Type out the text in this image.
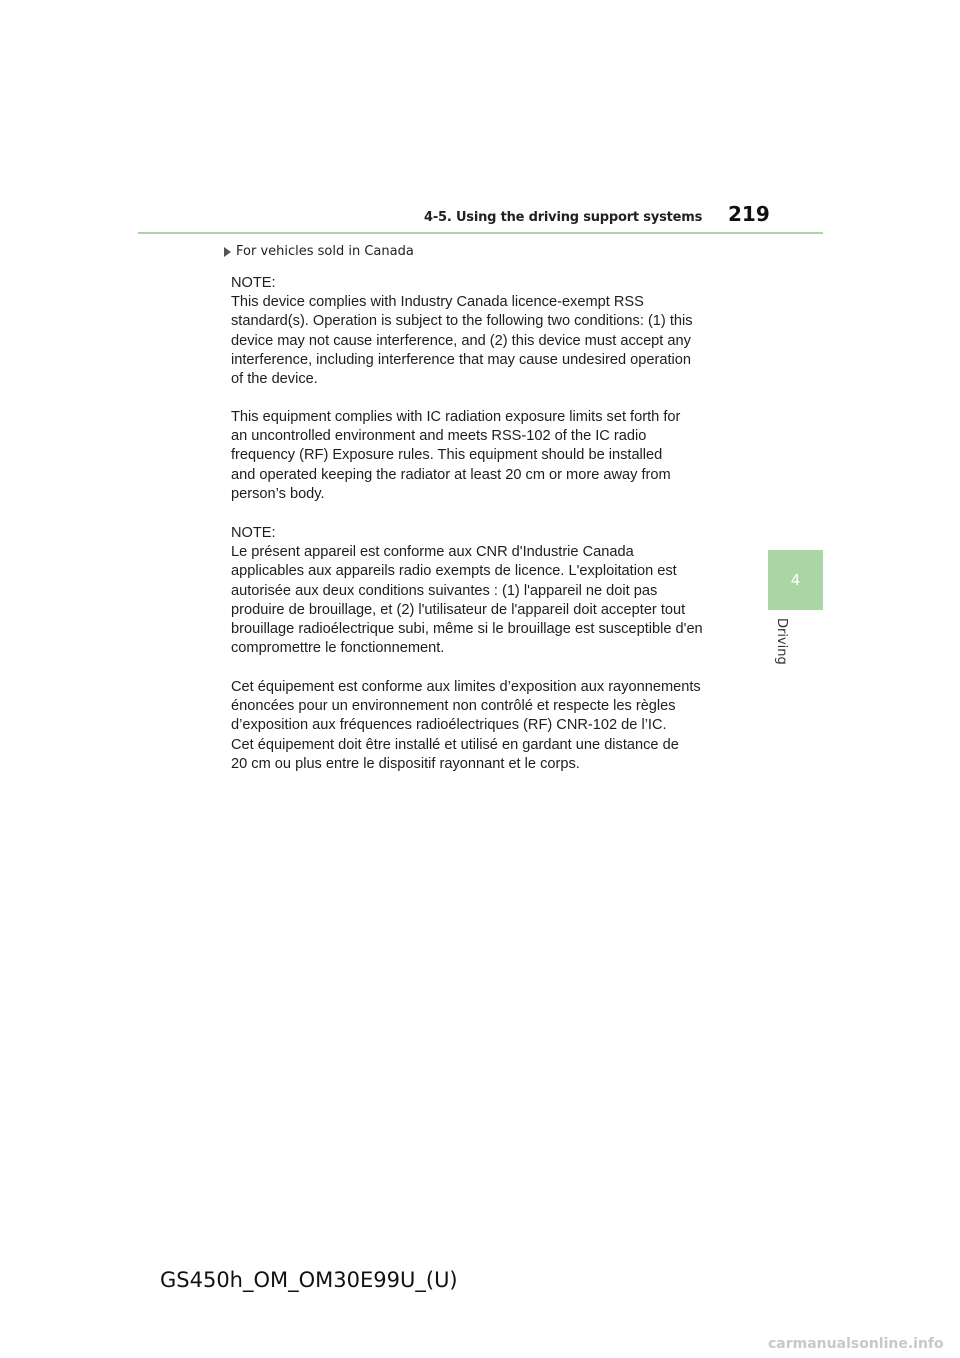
4-5. Using the driving support systems 219
4
Driving
For vehicles sold in Canada

NOTE:

This device complies with Industry Canada licence-exempt RSS

standard(s). Operation is subject to the following two conditions: (1) this

device may not cause interference, and (2) this device must accept any

interference, including interference that may cause undesired operation

of the device.

This equipment complies with IC radiation exposure limits set forth for

an uncontrolled environment and meets RSS-102 of the IC radio

frequency (RF) Exposure rules. This equipment should be installed

and operated keeping the radiator at least 20 cm or more away from

person’s body.

NOTE:

Le présent appareil est conforme aux CNR d'Industrie Canada

applicables aux appareils radio exempts de licence. L'exploitation est

autorisée aux deux conditions suivantes : (1) l'appareil ne doit pas

produire de brouillage, et (2) l'utilisateur de l'appareil doit accepter tout

brouillage radioélectrique subi, même si le brouillage est susceptible d'en

compromettre le fonctionnement.

Cet équipement est conforme aux limites d’exposition aux rayonnements

énoncées pour un environnement non contrôlé et respecte les règles

d’exposition aux fréquences radioélectriques (RF) CNR-102 de l’IC.

Cet équipement doit être installé et utilisé en gardant une distance de

20 cm ou plus entre le dispositif rayonnant et le corps.

GS450h_OM_OM30E99U_(U)
carmanualsonline.info
